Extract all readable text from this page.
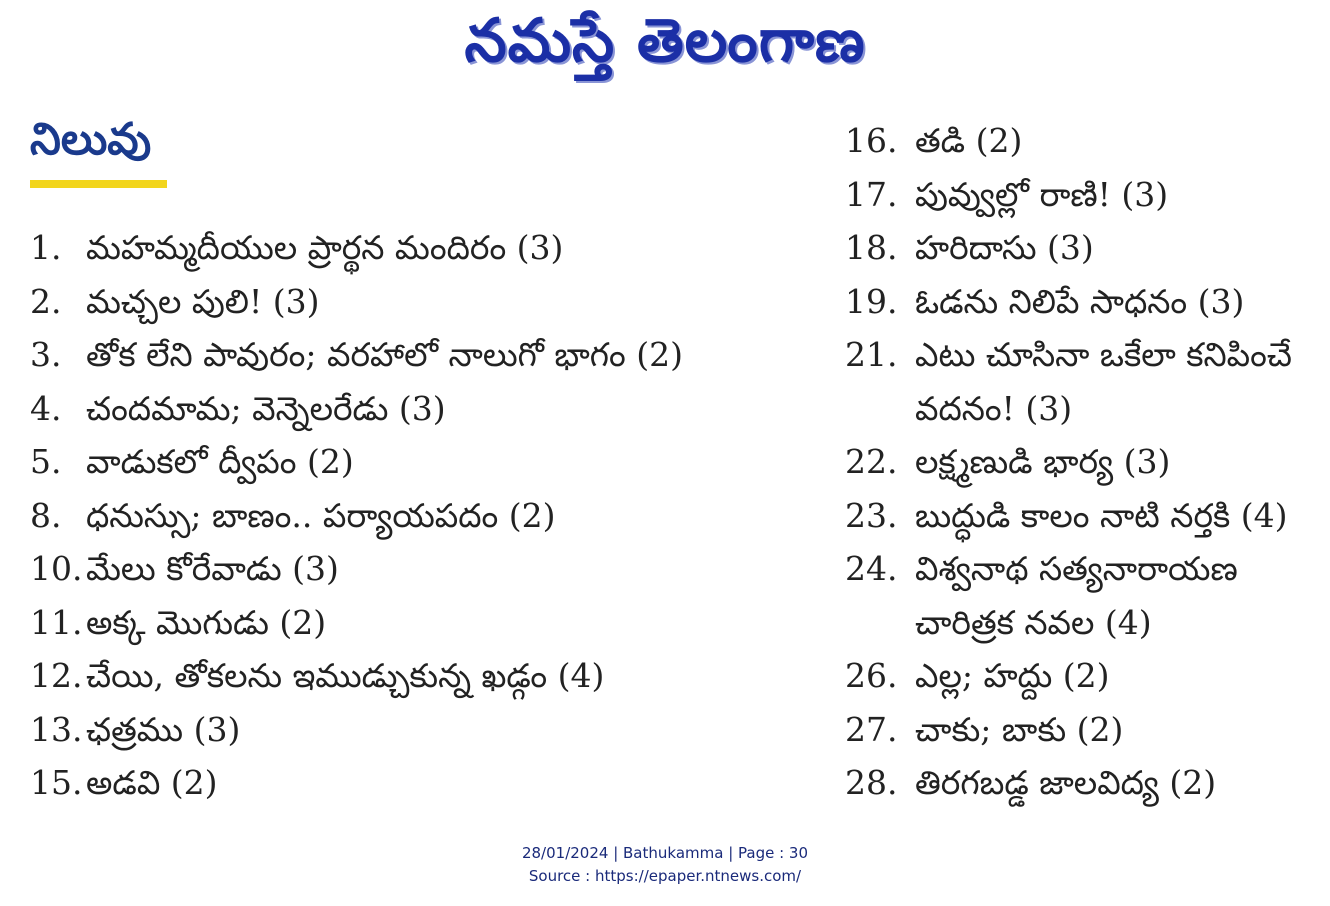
నమస్తే తెలంగాణ
నిలువు
1. మహమ్మదీయుల ప్రార్థన మందిరం (3)
2. మచ్చల పులి! (3)
3. తోక లేని పావురం; వరహాలో నాలుగో భాగం (2)
4. చందమామ; వెన్నెలరేడు (3)
5. వాడుకలో ద్వీపం (2)
8. ధనుస్సు; బాణం.. పర్యాయపదం (2)
10. మేలు కోరేవాడు (3)
11. అక్క మొగుడు (2)
12. చేయి, తోకలను ఇముడ్చుకున్న ఖడ్గం (4)
13. ఛత్రము (3)
15. అడవి (2)
16. తడి (2)
17. పువ్వుల్లో రాణి! (3)
18. హరిదాసు (3)
19. ఓడను నిలిపే సాధనం (3)
21. ఎటు చూసినా ఒకేలా కనిపించే వదనం! (3)
22. లక్ష్మణుడి భార్య (3)
23. బుద్ధుడి కాలం నాటి నర్తకి (4)
24. విశ్వనాథ సత్యనారాయణ చారిత్రక నవల (4)
26. ఎల్ల; హద్దు (2)
27. చాకు; బాకు (2)
28. తిరగబడ్డ జాలవిద్య (2)
28/01/2024 | Bathukamma | Page : 30
Source : https://epaper.ntnews.com/
